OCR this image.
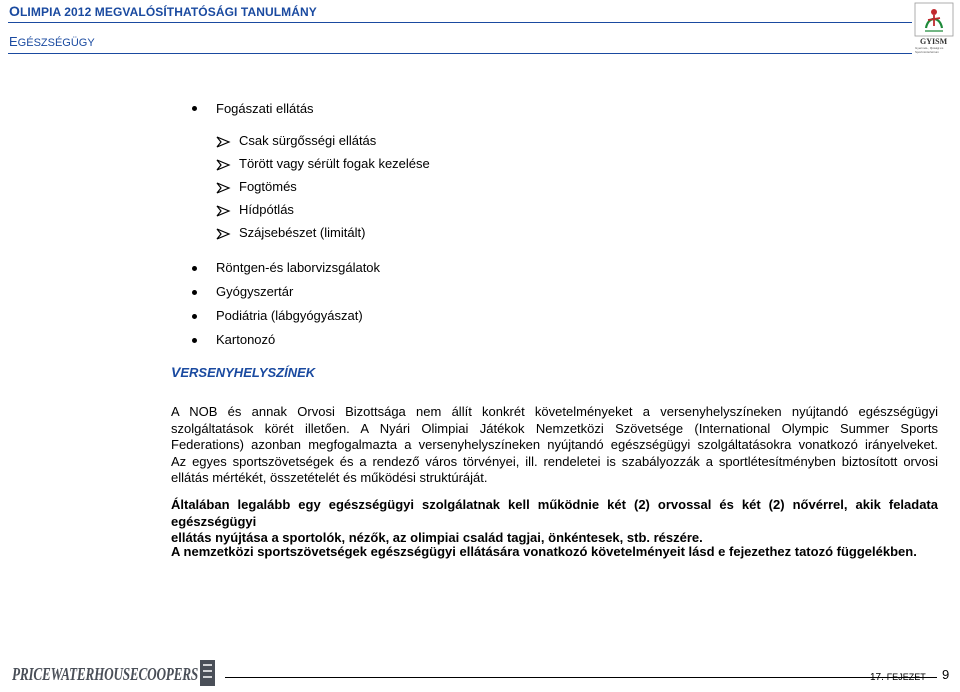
OLIMPIA 2012 MEGVALÓSÍTHATÓSÁGI TANULMÁNY
EGÉSZSÉGÜGY	GYISM
Gyermek-, Ifjúsági és Sportminisztérium
Fogászati ellátás
Csak sürgősségi ellátás
Törött vagy sérült fogak kezelése
Fogtömés
Hídpótlás
Szájsebészet (limitált)
Röntgen-és laborvizsgálatok
Gyógyszertár
Podiátria (lábgyógyászat)
Kartonozó
VERSENYHELYSZÍNEK
A NOB és annak Orvosi Bizottsága nem állít konkrét követelményeket a versenyhelyszíneken nyújtandó egészségügyi
szolgáltatások körét illetően. A Nyári Olimpiai Játékok Nemzetközi Szövetsége (International Olympic Summer Sports
Federations) azonban megfogalmazta a versenyhelyszíneken nyújtandó egészségügyi szolgáltatásokra vonatkozó irányelveket.
Az egyes sportszövetségek és a rendező város törvényei, ill. rendeletei is szabályozzák a sportlétesítményben biztosított orvosi
ellátás mértékét, összetételét és működési struktúráját.
Általában legalább egy egészségügyi szolgálatnak kell működnie két (2) orvossal és két (2) nővérrel, akik feladata egészségügyi
ellátás nyújtása a sportolók, nézők, az olimpiai család tagjai, önkéntesek, stb. részére.
A nemzetközi sportszövetségek egészségügyi ellátására vonatkozó követelményeit lásd e fejezethez tatozó függelékben.
PRICEWATERHOUSECOOPERS	17. FEJEZET 9
